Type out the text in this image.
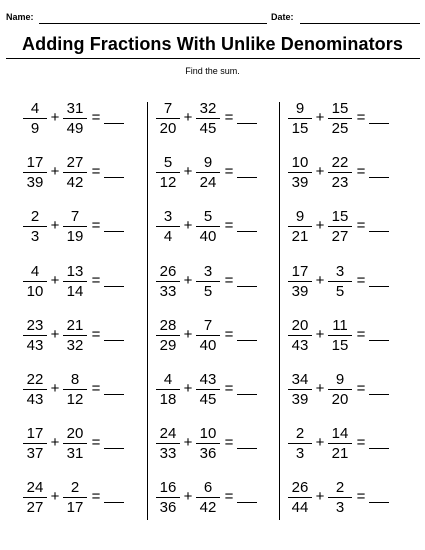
Name:	Date:
Adding Fractions With Unlike Denominators
Find the sum.
4
9
+
31
49
=
17
39
+
27
42
=
2
3
+
7
19
=
4
10
+
13
14
=
23
43
+
21
32
=
22
43
+
8
12
=
17
37
+
20
31
=
24
27
+
2
17
=
7
20
+
32
45
=
5
12
+
9
24
=
3
4
+
5
40
=
26
33
+
3
5
=
28
29
+
7
40
=
4
18
+
43
45
=
24
33
+
10
36
=
16
36
+
6
42
=
9
15
+
15
25
=
10
39
+
22
23
=
9
21
+
15
27
=
17
39
+
3
5
=
20
43
+
11
15
=
34
39
+
9
20
=
2
3
+
14
21
=
26
44
+
2
3
=
